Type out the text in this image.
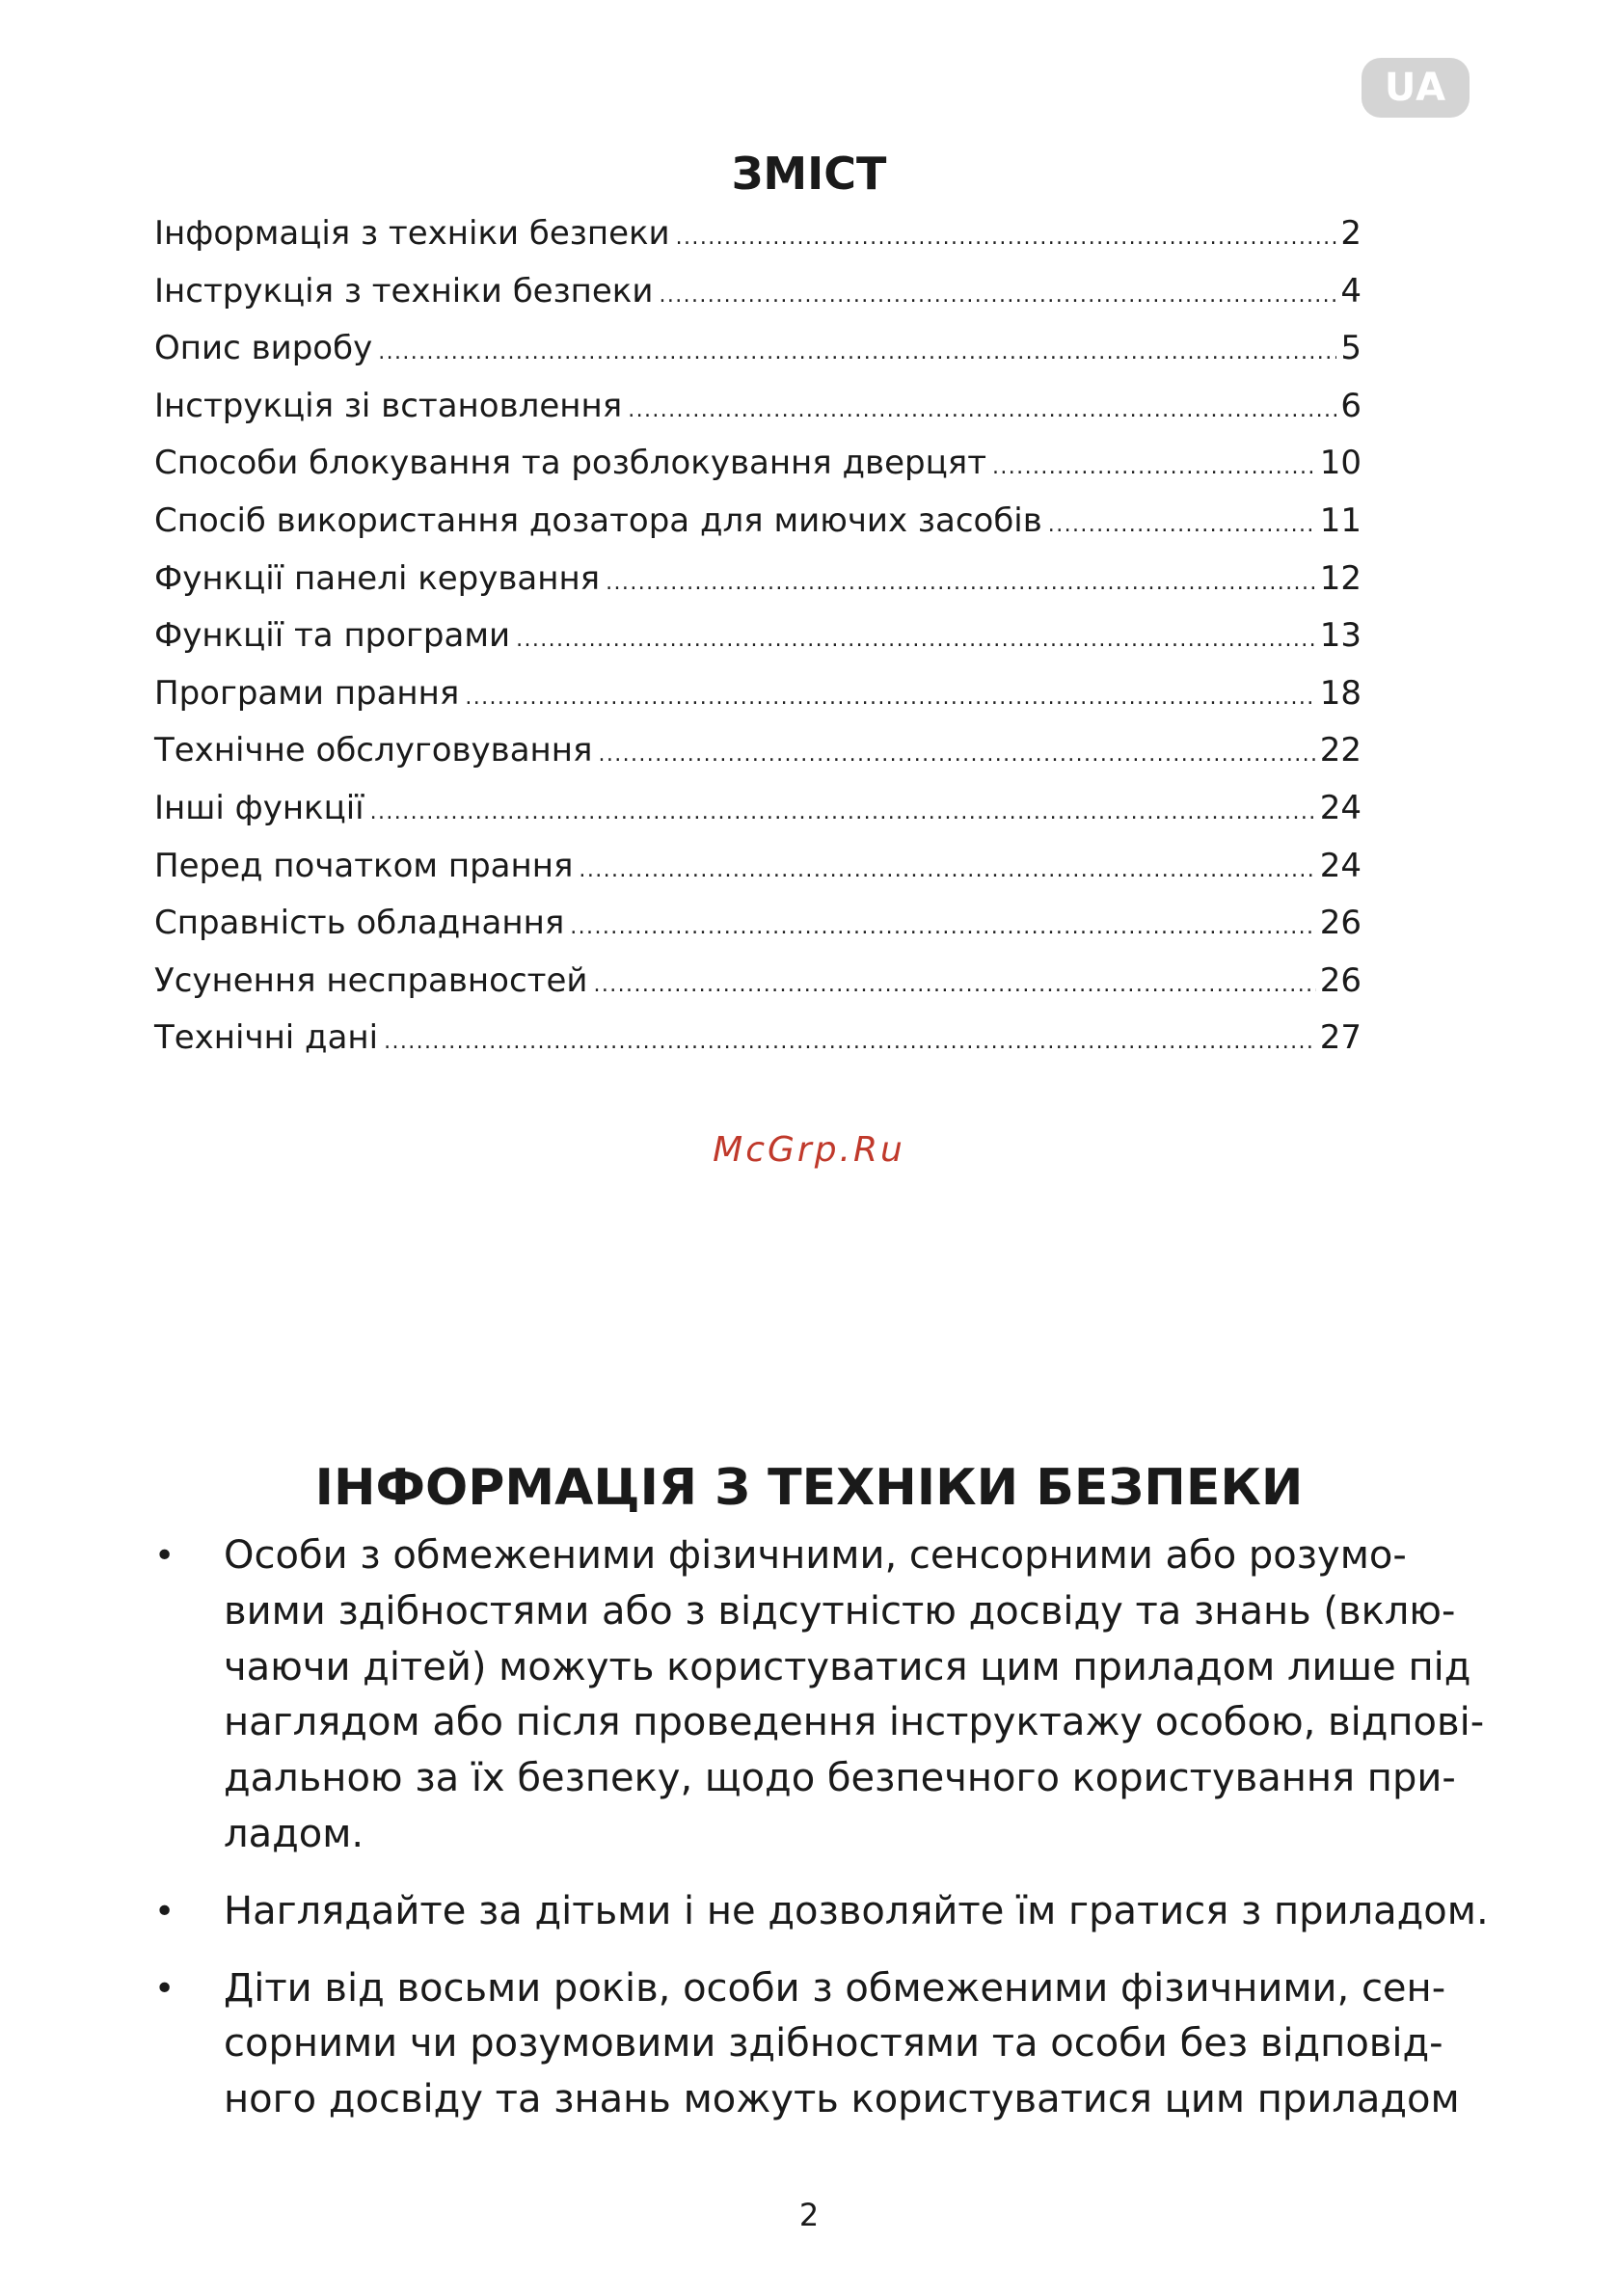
UA
ЗМІСТ
Інформація з техніки безпеки .....	2
Інструкція з техніки безпеки .....	4
Опис виробу .....	5
Інструкція зі встановлення .....	6
Способи блокування та розблокування дверцят .....	10
Спосіб використання дозатора для миючих засобів .....	11
Функції панелі керування .....	12
Функції та програми .....	13
Програми прання .....	18
Технічне обслуговування .....	22
Інші функції .....	24
Перед початком прання .....	24
Справність обладнання .....	26
Усунення несправностей .....	26
Технічні дані .....	27
McGrp.Ru
ІНФОРМАЦІЯ З ТЕХНІКИ БЕЗПЕКИ
• Особи з обмеженими фізичними, сенсорними або розумо-
вими здібностями або з відсутністю досвіду та знань (вклю-
чаючи дітей) можуть користуватися цим приладом лише під
наглядом або після проведення інструктажу особою, відпові-
дальною за їх безпеку, щодо безпечного користування при-
ладом.
• Наглядайте за дітьми і не дозволяйте їм гратися з приладом.
• Діти від восьми років, особи з обмеженими фізичними, сен-
сорними чи розумовими здібностями та особи без відповід-
ного досвіду та знань можуть користуватися цим приладом
2
